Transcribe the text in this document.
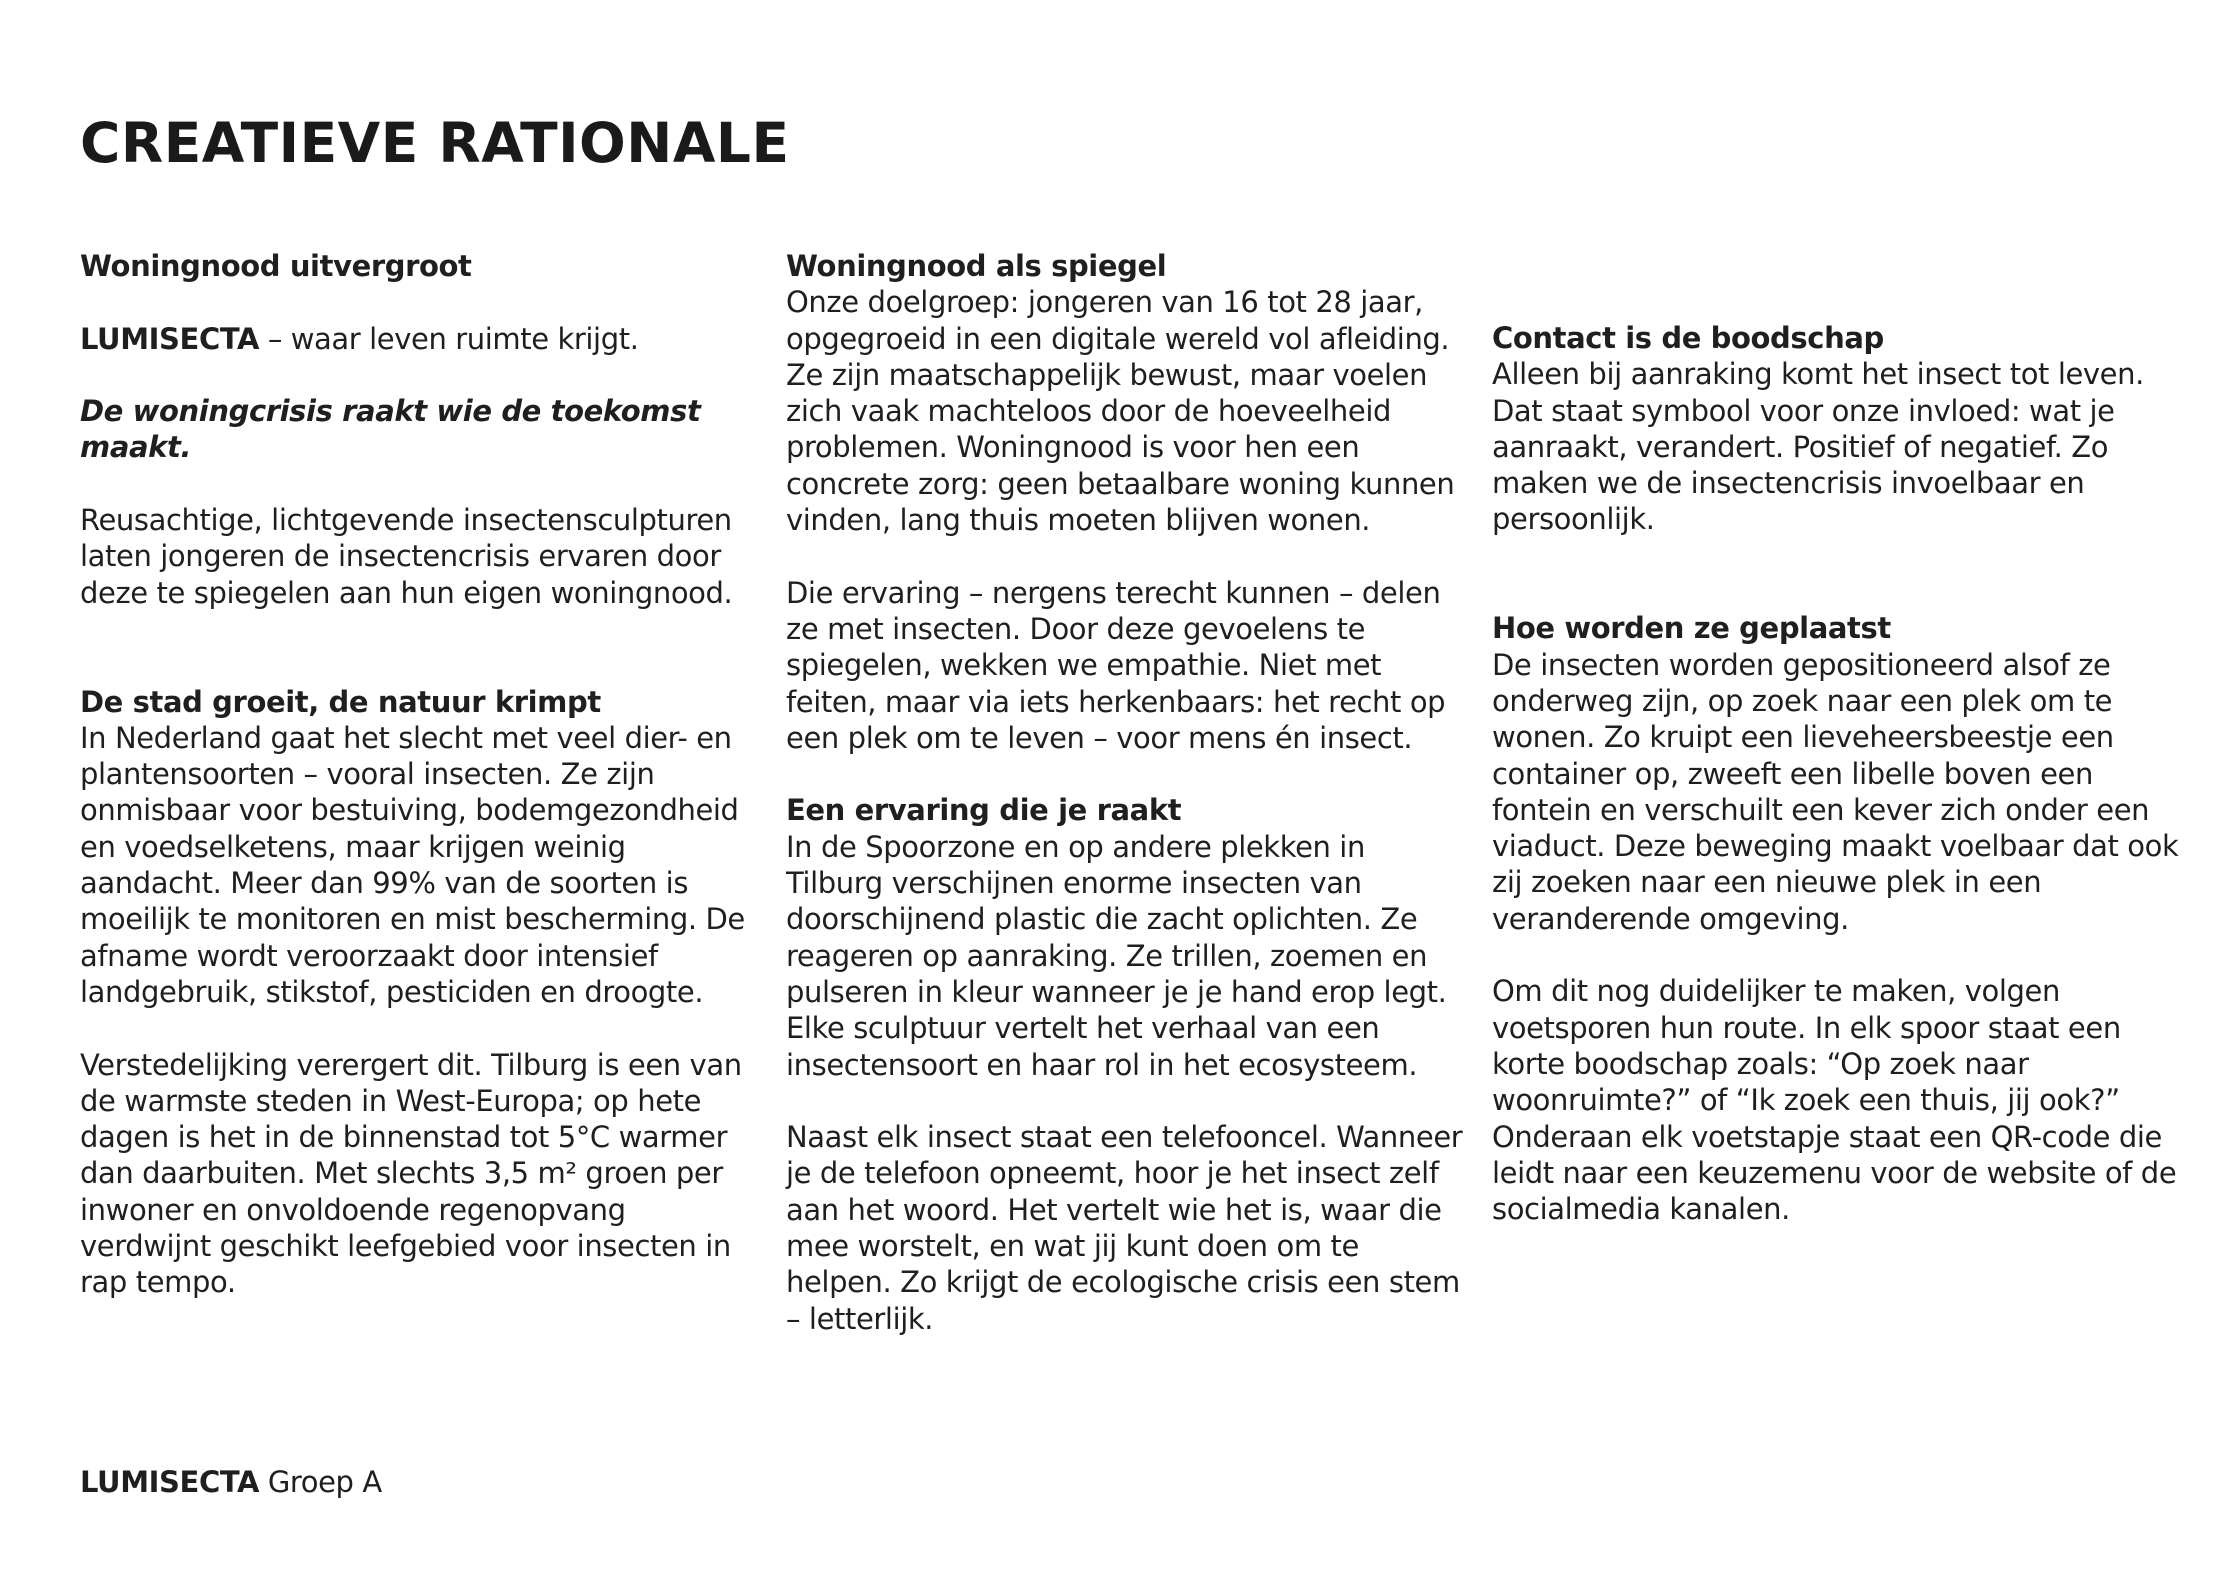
CREATIEVE RATIONALE

Woningnood uitvergroot

LUMISECTA – waar leven ruimte krijgt.

De woningcrisis raakt wie de toekomst maakt.

Reusachtige, lichtgevende insectensculpturen laten jongeren de insectencrisis ervaren door deze te spiegelen aan hun eigen woningnood.

De stad groeit, de natuur krimpt

In Nederland gaat het slecht met veel dier- en plantensoorten – vooral insecten. Ze zijn onmisbaar voor bestuiving, bodemgezondheid en voedselketens, maar krijgen weinig aandacht. Meer dan 99% van de soorten is moeilijk te monitoren en mist bescherming. De afname wordt veroorzaakt door intensief landgebruik, stikstof, pesticiden en droogte.

Verstedelijking verergert dit. Tilburg is een van de warmste steden in West-Europa; op hete dagen is het in de binnenstad tot 5°C warmer dan daarbuiten. Met slechts 3,5 m² groen per inwoner en onvoldoende regenopvang verdwijnt geschikt leefgebied voor insecten in rap tempo.

Woningnood als spiegel

Onze doelgroep: jongeren van 16 tot 28 jaar, opgegroeid in een digitale wereld vol afleiding. Ze zijn maatschappelijk bewust, maar voelen zich vaak machteloos door de hoeveelheid problemen. Woningnood is voor hen een concrete zorg: geen betaalbare woning kunnen vinden, lang thuis moeten blijven wonen.

Die ervaring – nergens terecht kunnen – delen ze met insecten. Door deze gevoelens te spiegelen, wekken we empathie. Niet met feiten, maar via iets herkenbaars: het recht op een plek om te leven – voor mens én insect.

Een ervaring die je raakt

In de Spoorzone en op andere plekken in Tilburg verschijnen enorme insecten van doorschijnend plastic die zacht oplichten. Ze reageren op aanraking. Ze trillen, zoemen en pulseren in kleur wanneer je je hand erop legt. Elke sculptuur vertelt het verhaal van een insectensoort en haar rol in het ecosysteem.

Naast elk insect staat een telefooncel. Wanneer je de telefoon opneemt, hoor je het insect zelf aan het woord. Het vertelt wie het is, waar die mee worstelt, en wat jij kunt doen om te helpen. Zo krijgt de ecologische crisis een stem – letterlijk.

Contact is de boodschap

Alleen bij aanraking komt het insect tot leven. Dat staat symbool voor onze invloed: wat je aanraakt, verandert. Positief of negatief. Zo maken we de insectencrisis invoelbaar en persoonlijk.

Hoe worden ze geplaatst

De insecten worden gepositioneerd alsof ze onderweg zijn, op zoek naar een plek om te wonen. Zo kruipt een lieveheersbeestje een container op, zweeft een libelle boven een fontein en verschuilt een kever zich onder een viaduct. Deze beweging maakt voelbaar dat ook zij zoeken naar een nieuwe plek in een veranderende omgeving.

Om dit nog duidelijker te maken, volgen voetsporen hun route. In elk spoor staat een korte boodschap zoals: “Op zoek naar woonruimte?” of “Ik zoek een thuis, jij ook?” Onderaan elk voetstapje staat een QR-code die leidt naar een keuzemenu voor de website of de socialmedia kanalen.

LUMISECTA Groep A
